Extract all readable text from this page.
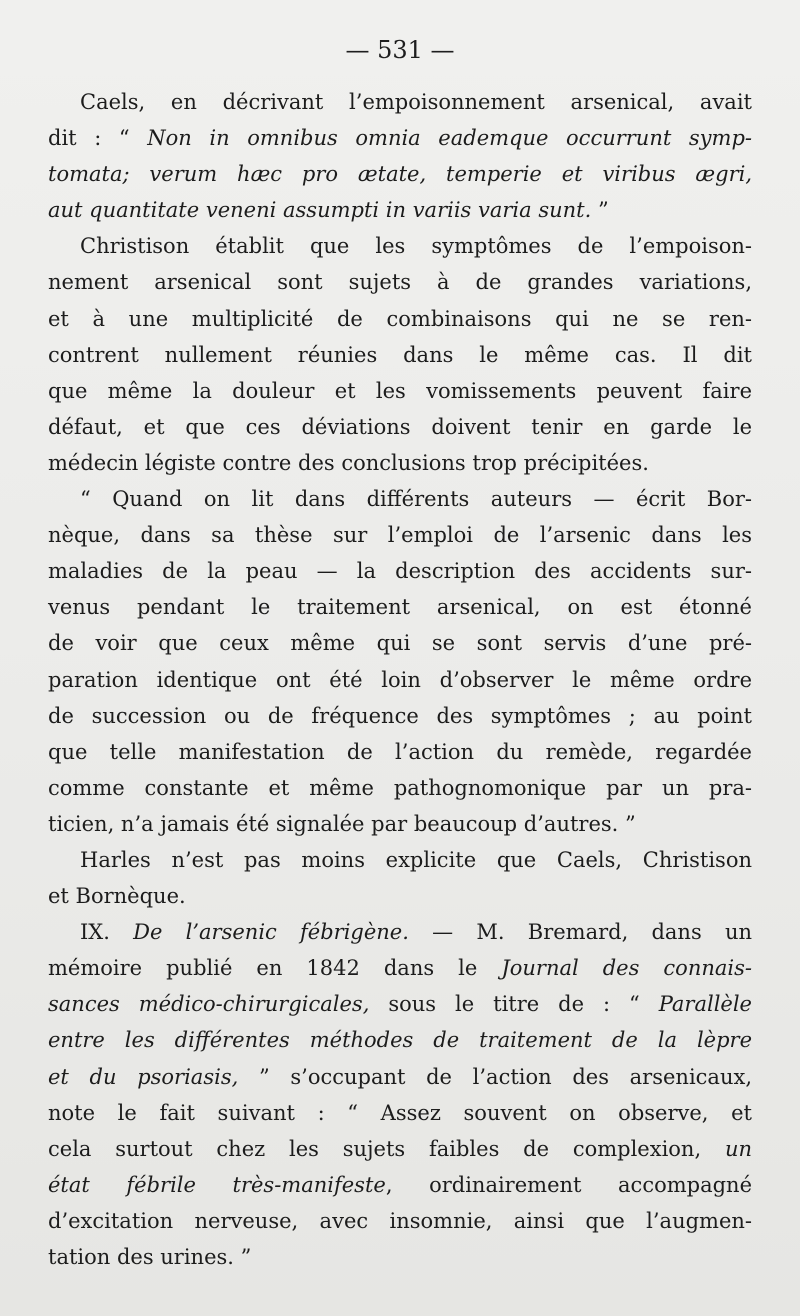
— 531 —
Caels, en décrivant l’empoisonnement arsenical, avait
dit : “ Non in omnibus omnia eademque occurrunt symp-
tomata; verum hæc pro ætate, temperie et viribus ægri,
aut quantitate veneni assumpti in variis varia sunt. ”
Christison établit que les symptômes de l’empoison-
nement arsenical sont sujets à de grandes variations,
et à une multiplicité de combinaisons qui ne se ren-
contrent nullement réunies dans le même cas. Il dit
que même la douleur et les vomissements peuvent faire
défaut, et que ces déviations doivent tenir en garde le
médecin légiste contre des conclusions trop précipitées.
“ Quand on lit dans différents auteurs — écrit Bor-
nèque, dans sa thèse sur l’emploi de l’arsenic dans les
maladies de la peau — la description des accidents sur-
venus pendant le traitement arsenical, on est étonné
de voir que ceux même qui se sont servis d’une pré-
paration identique ont été loin d’observer le même ordre
de succession ou de fréquence des symptômes ; au point
que telle manifestation de l’action du remède, regardée
comme constante et même pathognomonique par un pra-
ticien, n’a jamais été signalée par beaucoup d’autres. ”
Harles n’est pas moins explicite que Caels, Christison
et Bornèque.
IX. De l’arsenic fébrigène. — M. Bremard, dans un
mémoire publié en 1842 dans le Journal des connais-
sances médico-chirurgicales, sous le titre de : “ Parallèle
entre les différentes méthodes de traitement de la lèpre
et du psoriasis, ” s’occupant de l’action des arsenicaux,
note le fait suivant : “ Assez souvent on observe, et
cela surtout chez les sujets faibles de complexion, un
état fébrile très-manifeste, ordinairement accompagné
d’excitation nerveuse, avec insomnie, ainsi que l’augmen-
tation des urines. ”
